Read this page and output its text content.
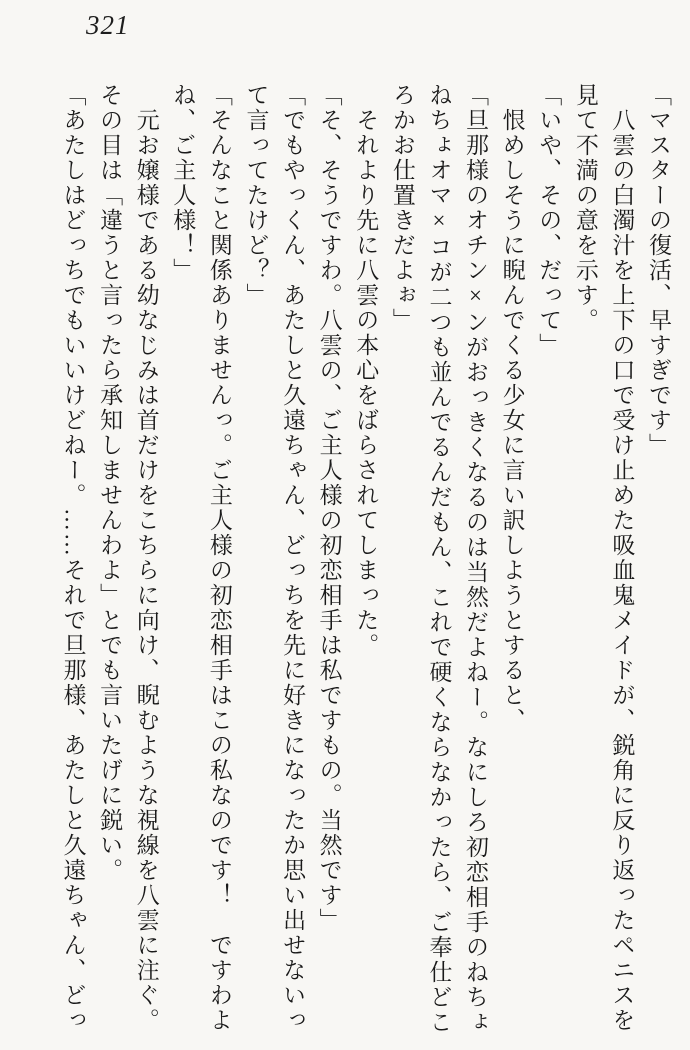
321

「マスターの復活、早すぎです」

　八雲の白濁汁を上下の口で受け止めた吸血鬼メイドが、鋭角に反り返ったペニスを

見て不満の意を示す。

「いや、その、だって」

　恨めしそうに睨んでくる少女に言い訳しようとすると、

「旦那様のオチン×ンがおっきくなるのは当然だよねー。なにしろ初恋相手のねちょ

ねちょオマ×コが二つも並んでるんだもん、これで硬くならなかったら、ご奉仕どこ

ろかお仕置きだよぉ」

　それより先に八雲の本心をばらされてしまった。

「そ、そうですわ。八雲の、ご主人様の初恋相手は私ですもの。当然です」

「でもやっくん、あたしと久遠ちゃん、どっちを先に好きになったか思い出せないっ

て言ってたけど？」

「そんなこと関係ありませんっ。ご主人様の初恋相手はこの私なのです！　ですわよ

ね、ご主人様！」

　元お嬢様である幼なじみは首だけをこちらに向け、睨むような視線を八雲に注ぐ。

その目は「違うと言ったら承知しませんわよ」とでも言いたげに鋭い。

「あたしはどっちでもいいけどねー。……それで旦那様、あたしと久遠ちゃん、どっ
